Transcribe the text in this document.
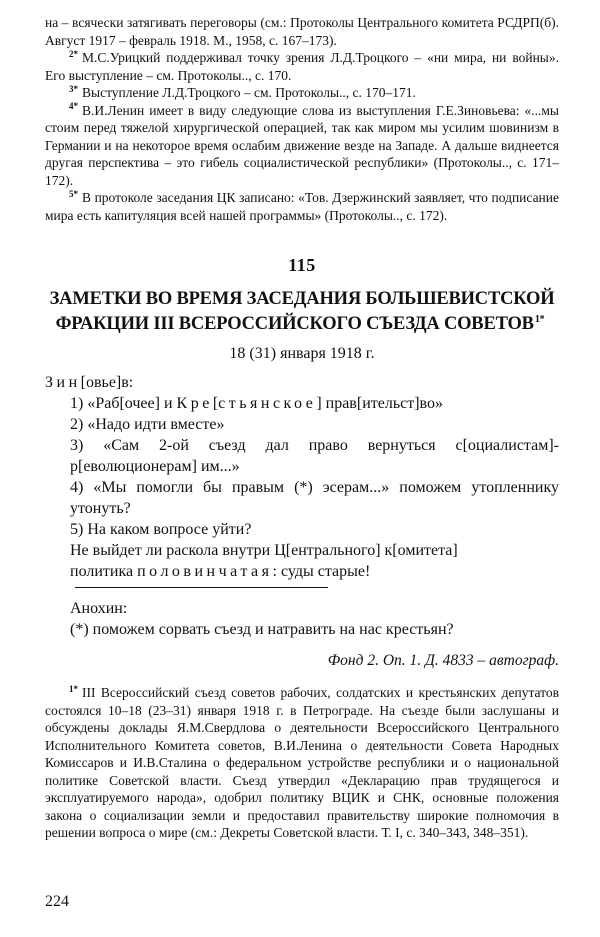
на – всячески затягивать переговоры (см.: Протоколы Центрального комитета РСДРП(б). Август 1917 – февраль 1918. М., 1958, с. 167–173).

$^{2*}$ М.С.Урицкий поддерживал точку зрения Л.Д.Троцкого – «ни мира, ни войны». Его выступление – см. Протоколы.., с. 170.

$^{3*}$ Выступление Л.Д.Троцкого – см. Протоколы.., с. 170–171.

$^{4*}$ В.И.Ленин имеет в виду следующие слова из выступления Г.Е.Зиновьева: «...мы стоим перед тяжелой хирургической операцией, так как миром мы усилим шовинизм в Германии и на некоторое время ослабим движение везде на Западе. А дальше виднеется другая перспектива – это гибель социалистической республики» (Протоколы.., с. 171–172).

$^{5*}$ В протоколе заседания ЦК записано: «Тов. Дзержинский заявляет, что подписание мира есть капитуляция всей нашей программы» (Протоколы.., с. 172).

115
ЗАМЕТКИ ВО ВРЕМЯ ЗАСЕДАНИЯ БОЛЬШЕВИСТСКОЙ
ФРАКЦИИ III ВСЕРОССИЙСКОГО СЪЕЗДА $СОВЕТОВ^{1*}$
18 (31) января 1918 г.

Зин[овье]в:

1) «Раб[очее] и Кре[стьянское] прав[ительст]во»

2) «Надо идти вместе»

3) «Сам 2-ой съезд дал право вернуться с[оциалистам]-р[еволюционерам] им...»

4) «Мы помогли бы правым (*) эсерам...» поможем утопленнику утонуть?

5) На каком вопросе уйти?

Не выйдет ли раскола внутри Ц[ентрального] к[омитета]

политика половинчатая: суды старые!

Анохин:
(*) поможем сорвать съезд и натравить на нас крестьян?
Фонд 2. Оп. 1. Д. 4833 – автограф.

$^{1*}$ III Всероссийский съезд советов рабочих, солдатских и крестьянских депутатов состоялся 10–18 (23–31) января 1918 г. в Петрограде. На съезде были заслушаны и обсуждены доклады Я.М.Свердлова о деятельности Всероссийского Центрального Исполнительного Комитета советов, В.И.Ленина о деятельности Совета Народных Комиссаров и И.В.Сталина о федеральном устройстве республики и о национальной политике Советской власти. Съезд утвердил «Декларацию прав трудящегося и эксплуатируемого народа», одобрил политику ВЦИК и СНК, основные положения закона о социализации земли и предоставил правительству широкие полномочия в решении вопроса о мире (см.: Декреты Советской власти. Т. I, с. 340–343, 348–351).

224
